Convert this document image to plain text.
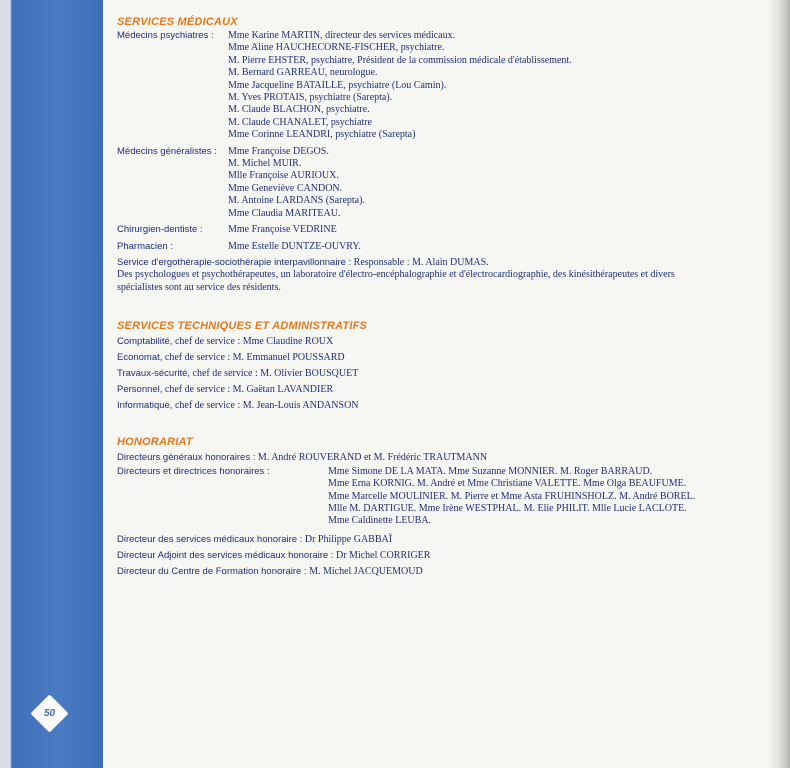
50
SERVICES MÉDICAUX
Médecins psychiatres : Mme Karine MARTIN, directeur des services médicaux.
Mme Aline HAUCHECORNE-FISCHER, psychiatre.
M. Pierre EHSTER, psychiatre, Président de la commission médicale d'établissement.
M. Bernard GARREAU, neurologue.
Mme Jacqueline BATAILLE, psychiatre (Lou Camin).
M. Yves PROTAIS, psychiatre (Sarepta).
M. Claude BLACHON, psychiatre.
M. Claude CHANALET, psychiatre
Mme Corinne LEANDRI, psychiatre (Sarepta)
Médecins généralistes : Mme Françoise DEGOS.
M. Michel MUIR.
Mlle Françoise AURIOUX.
Mme Geneviève CANDON.
M. Antoine LARDANS (Sarepta).
Mme Claudia MARITEAU.
Chirurgien-dentiste :	Mme Françoise VEDRINE
Pharmacien :	Mme Estelle DUNTZE-OUVRY.
Service d'ergothérapie-sociothérapie interpavillonnaire : Responsable : M. Alain DUMAS.
Des psychologues et psychothérapeutes, un laboratoire d'électro-encéphalographie et d'électrocardiographie, des kinésithérapeutes et divers spécialistes sont au service des résidents.
SERVICES TECHNIQUES ET ADMINISTRATIFS
Comptabilité, chef de service : Mme Claudine ROUX
Economat, chef de service : M. Emmanuel POUSSARD
Travaux-sécurité, chef de service : M. Olivier BOUSQUET
Personnel, chef de service : M. Gaëtan LAVANDIER
Informatique, chef de service : M. Jean-Louis ANDANSON
HONORARIAT
Directeurs généraux honoraires : M. André ROUVERAND et M. Frédéric TRAUTMANN
Directeurs et directrices honoraires :	Mme Simone DE LA MATA. Mme Suzanne MONNIER. M. Roger BARRAUD.
Mme Erna KORNIG. M. André et Mme Christiane VALETTE. Mme Olga BEAUFUME.
Mme Marcelle MOULINIER. M. Pierre et Mme Asta FRUHINSHOLZ. M. André BOREL.
Mlle M. DARTIGUE. Mme Irène WESTPHAL. M. Elie PHILIT. Mlle Lucie LACLOTE.
Mme Caldinette LEUBA.
Directeur des services médicaux honoraire : Dr Philippe GABBAÏ
Directeur Adjoint des services médicaux honoraire : Dr Michel CORRIGER
Directeur du Centre de Formation honoraire : M. Michel JACQUEMOUD
